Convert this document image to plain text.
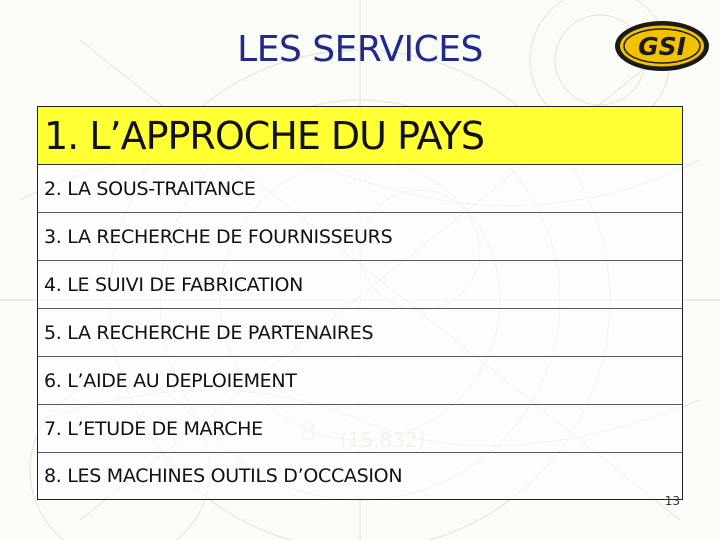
LES SERVICES	GSI
1. L’APPROCHE DU PAYS
2. LA SOUS-TRAITANCE
3. LA RECHERCHE DE FOURNISSEURS
4. LE SUIVI DE FABRICATION
5. LA RECHERCHE DE PARTENAIRES
6. L’AIDE AU DEPLOIEMENT
7. L’ETUDE DE MARCHE
8. LES MACHINES OUTILS D’OCCASION
13
